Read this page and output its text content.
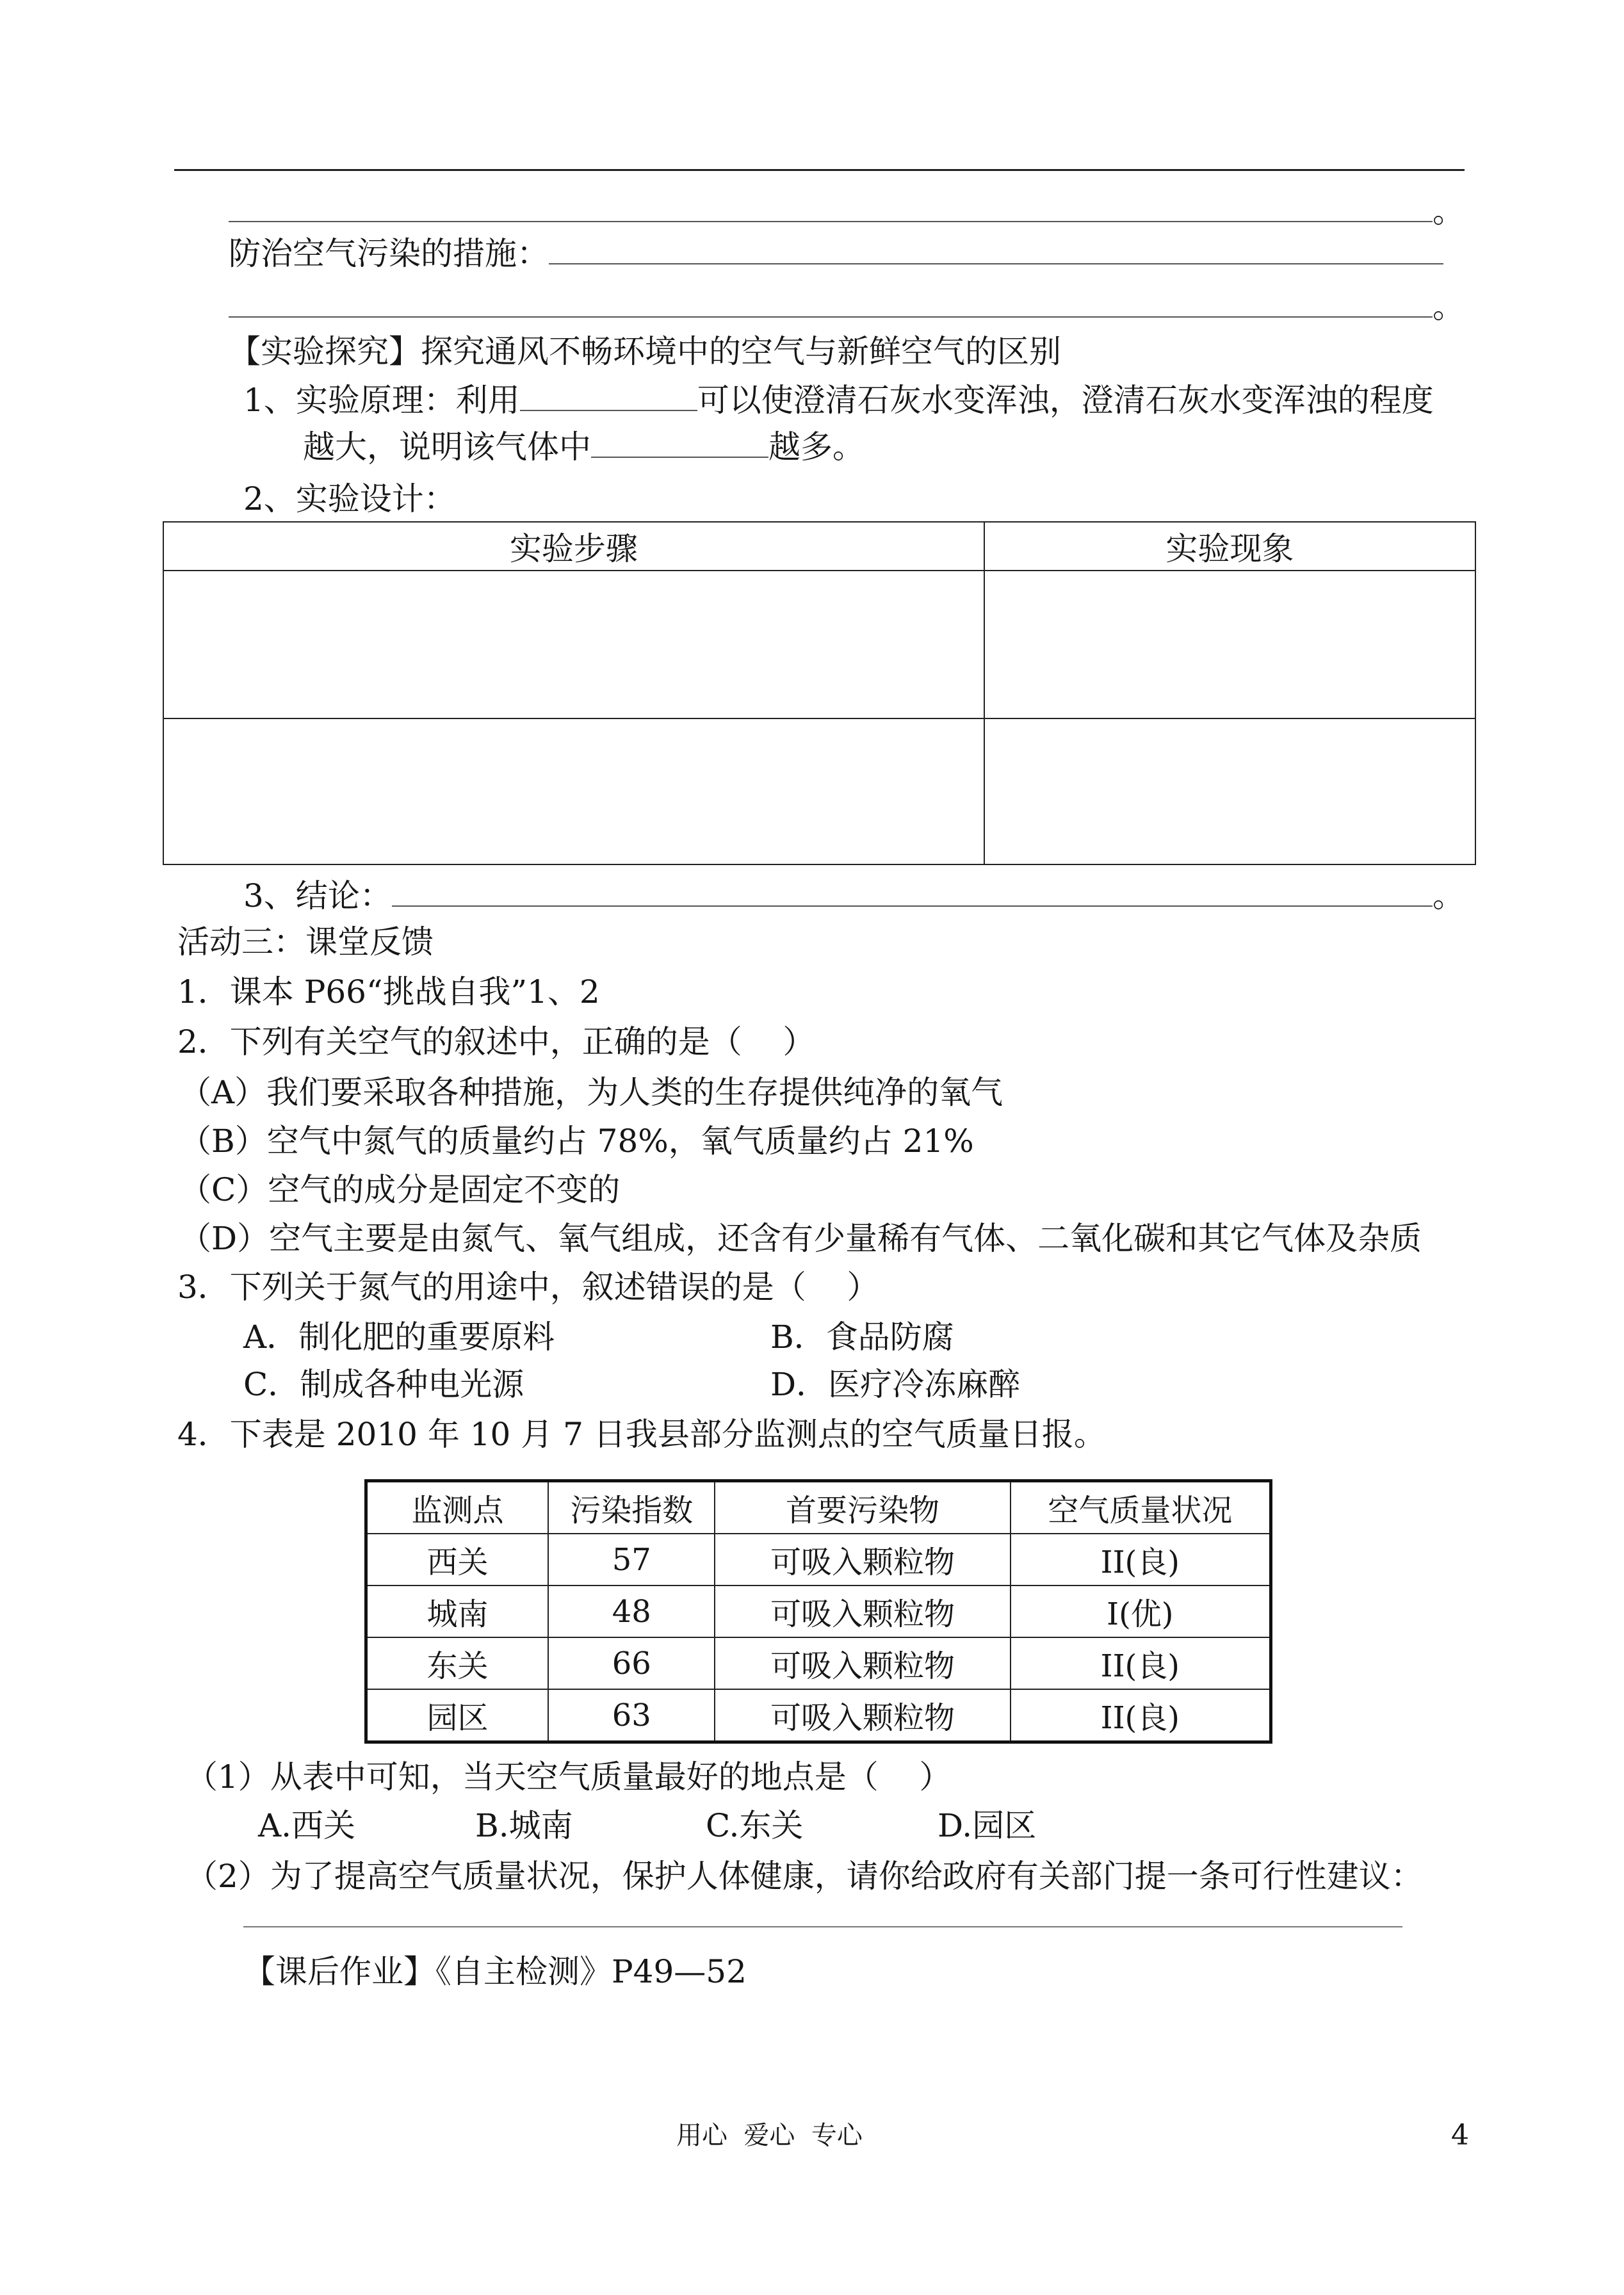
。
防治空气污染的措施：
。
【实验探究】探究通风不畅环境中的空气与新鲜空气的区别
1、实验原理：利用	可以使澄清石灰水变浑浊，澄清石灰水变浑浊的程度
越大，说明该气体中	越多。
2、实验设计：
实验步骤	实验现象

3、结论：	。
活动三：课堂反馈
1．课本 P66“挑战自我”1、2
2．下列有关空气的叙述中，正确的是（    ）
（A）我们要采取各种措施，为人类的生存提供纯净的氧气
（B）空气中氮气的质量约占 78%，氧气质量约占 21%
（C）空气的成分是固定不变的
（D）空气主要是由氮气、氧气组成，还含有少量稀有气体、二氧化碳和其它气体及杂质
3．下列关于氮气的用途中，叙述错误的是（    ）

A．制化肥的重要原料

	B．食品防腐

C．制成各种电光源

	D．医疗冷冻麻醉

4．下表是 2010 年 10 月 7 日我县部分监测点的空气质量日报。
监测点	污染指数	首要污染物	空气质量状况
西关	57	可吸入颗粒物	II(良)
城南	48	可吸入颗粒物	I(优)
东关	66	可吸入颗粒物	II(良)
园区	63	可吸入颗粒物	II(良)
（1）从表中可知，当天空气质量最好的地点是（    ）

A.西关

	B.城南

	C.东关

	D.园区

（2）为了提高空气质量状况，保护人体健康，请你给政府有关部门提一条可行性建议：
【课后作业】《自主检测》P49—52
用心  爱心  专心	4
